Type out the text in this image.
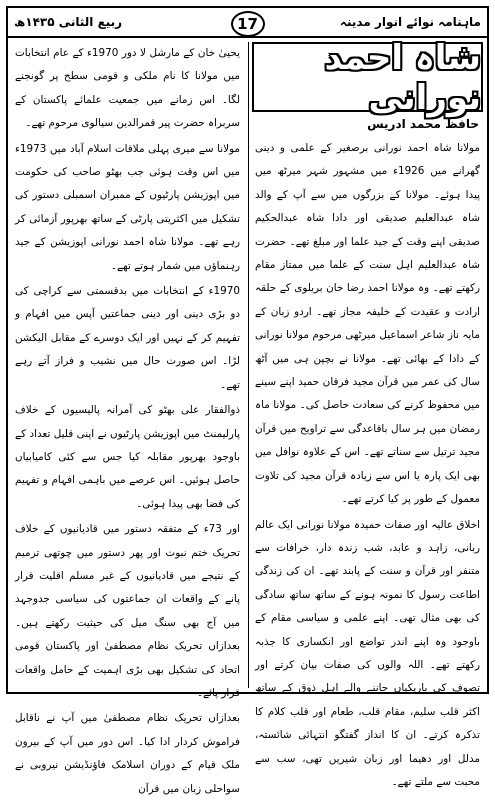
ماہنامہ نوائے انوار مدینہ
ربیع الثانی ۱۴۳۵ھ	17
شاہ احمد نورانی
حافظ محمد ادریس

مولانا شاہ احمد نورانی برصغیر کے علمی و دینی گھرانے میں 1926ء میں مشہور شہر میرٹھ میں پیدا ہوئے۔ مولانا کے بزرگوں میں سے آپ کے والد شاہ عبدالعلیم صدیقی اور دادا شاہ عبدالحکیم صدیقی اپنے وقت کے جید علما اور مبلغ تھے۔ حضرت شاہ عبدالعلیم اہل سنت کے علما میں ممتاز مقام رکھتے تھے۔ وہ مولانا احمد رضا خان بریلوی کے حلقہ ارادت و عقیدت کے خلیفہ مجاز تھے۔ اردو زبان کے مایہ ناز شاعر اسماعیل میرٹھی مرحوم مولانا نورانی کے دادا کے بھائی تھے۔ مولانا نے بچپن ہی میں آٹھ سال کی عمر میں قرآن مجید فرقان حمید اپنے سینے میں محفوظ کرنے کی سعادت حاصل کی۔ مولانا ماہ رمضان میں ہر سال باقاعدگی سے تراویح میں قرآن مجید ترتیل سے سناتے تھے۔ اس کے علاوہ نوافل میں بھی ایک پارہ یا اس سے زیادہ قرآن مجید کی تلاوت معمول کے طور پر کیا کرتے تھے۔

اخلاق عالیہ اور صفات حمیدہ مولانا نورانی ایک عالم ربانی، زاہد و عابد، شب زندہ دار، خرافات سے متنفر اور قرآن و سنت کے پابند تھے۔ ان کی زندگی اطاعت رسول کا نمونہ ہونے کے ساتھ ساتھ سادگی کی بھی مثال تھی۔ اپنے علمی و سیاسی مقام کے باوجود وہ اپنے اندر تواضع اور انکساری کا جذبہ رکھتے تھے۔ اللہ والوں کی صفات بیان کرتے اور تصوف کی باریکیاں جاننے والے اہل ذوق کے ساتھ اکثر قلب سلیم، مقام قلب، طعام اور قلب کلام کا تذکرہ کرتے۔ ان کا انداز گفتگو انتہائی شائستہ، مدلل اور دھیما اور زبان شیریں تھی، سب سے محبت سے ملتے تھے۔

یحییٰ خان کے مارشل لا دور 1970ء کے عام انتخابات میں مولانا کا نام ملکی و قومی سطح پر گونجنے لگا۔ اس زمانے میں جمعیت علمائے پاکستان کے سربراہ حضرت پیر قمرالدین سیالوی مرحوم تھے۔

مولانا سے میری پہلی ملاقات اسلام آباد میں 1973ء میں اس وقت ہوئی جب بھٹو صاحب کی حکومت میں اپوزیشن پارٹیوں کے ممبران اسمبلی دستور کی تشکیل میں اکثریتی پارٹی کے ساتھ بھرپور آزمائی کر رہے تھے۔ مولانا شاہ احمد نورانی اپوزیشن کے جید رہنماؤں میں شمار ہوتے تھے۔

1970ء کے انتخابات میں بدقسمتی سے کراچی کی دو بڑی دینی اور دینی جماعتیں آپس میں افہام و تفہیم کر کے نہیں اور ایک دوسرے کے مقابل الیکشن لڑا۔ اس صورت حال میں نشیب و فراز آتے رہے تھے۔

ذوالفقار علی بھٹو کی آمرانہ پالیسیوں کے خلاف پارلیمنٹ میں اپوزیشن پارٹیوں نے اپنی قلیل تعداد کے باوجود بھرپور مقابلہ کیا جس سے کئی کامیابیاں حاصل ہوئیں۔ اس عرصے میں باہمی افہام و تفہیم کی فضا بھی پیدا ہوئی۔

اور 73ء کے متفقہ دستور میں قادیانیوں کے خلاف تحریک ختم نبوت اور پھر دستور میں چوتھی ترمیم کے نتیجے میں قادیانیوں کے غیر مسلم اقلیت قرار پانے کے واقعات ان جماعتوں کی سیاسی جدوجہد میں آج بھی سنگ میل کی حیثیت رکھتے ہیں۔ بعدازاں تحریک نظام مصطفیٰ اور پاکستان قومی اتحاد کی تشکیل بھی بڑی اہمیت کے حامل واقعات قرار پائے۔

بعدازاں تحریک نظام مصطفیٰ میں آپ نے ناقابل فراموش کردار ادا کیا۔ اس دور میں آپ کے بیرون ملک قیام کے دوران اسلامک فاؤنڈیشن نیروبی نے سواحلی زبان میں قرآن
